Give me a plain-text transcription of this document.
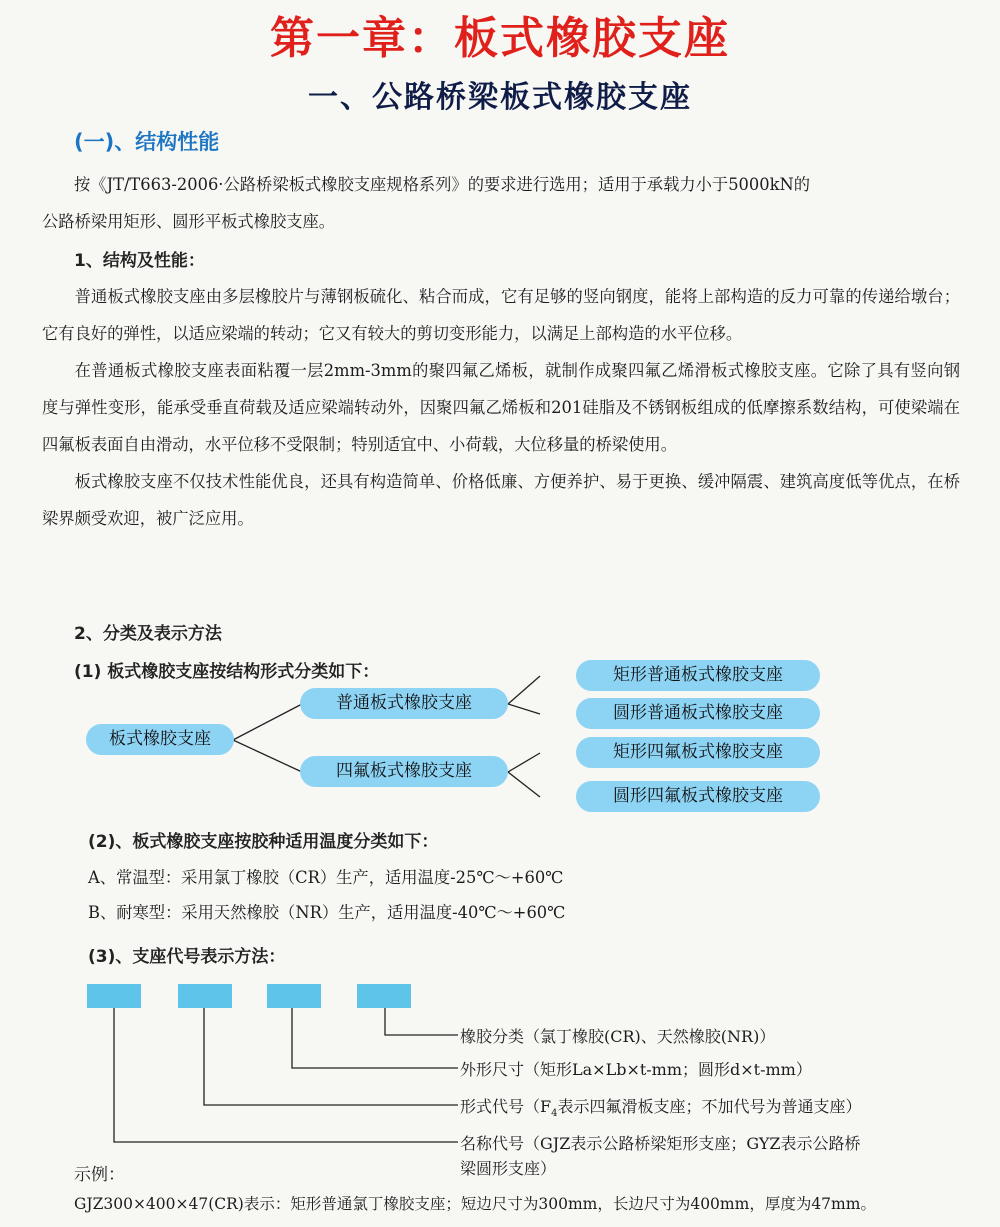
第一章：板式橡胶支座
一、公路桥梁板式橡胶支座
(一)、结构性能
按《JT/T663-2006·公路桥梁板式橡胶支座规格系列》的要求进行选用；适用于承载力小于5000kN的
公路桥梁用矩形、圆形平板式橡胶支座。
1、结构及性能：

普通板式橡胶支座由多层橡胶片与薄钢板硫化、粘合而成，它有足够的竖向钢度，能将上部构造的反力可靠的传递给墩台；它有良好的弹性，以适应梁端的转动；它又有较大的剪切变形能力，以满足上部构造的水平位移。

在普通板式橡胶支座表面粘覆一层2mm-3mm的聚四氟乙烯板，就制作成聚四氟乙烯滑板式橡胶支座。它除了具有竖向钢度与弹性变形，能承受垂直荷载及适应梁端转动外，因聚四氟乙烯板和201硅脂及不锈钢板组成的低摩擦系数结构，可使梁端在四氟板表面自由滑动，水平位移不受限制；特别适宜中、小荷载，大位移量的桥梁使用。

板式橡胶支座不仅技术性能优良，还具有构造简单、价格低廉、方便养护、易于更换、缓冲隔震、建筑高度低等优点，在桥梁界颇受欢迎，被广泛应用。

2、分类及表示方法
(1) 板式橡胶支座按结构形式分类如下：
板式橡胶支座
普通板式橡胶支座
四氟板式橡胶支座
矩形普通板式橡胶支座
圆形普通板式橡胶支座
矩形四氟板式橡胶支座
圆形四氟板式橡胶支座
(2)、板式橡胶支座按胶种适用温度分类如下：
A、常温型：采用氯丁橡胶（CR）生产，适用温度-25℃～+60℃
B、耐寒型：采用天然橡胶（NR）生产，适用温度-40℃～+60℃
(3)、支座代号表示方法：
橡胶分类（氯丁橡胶(CR)、天然橡胶(NR)）
外形尺寸（矩形La×Lb×t-mm；圆形d×t-mm）
形式代号（$F_4$表示四氟滑板支座；不加代号为普通支座）
名称代号（GJZ表示公路桥梁矩形支座；GYZ表示公路桥
梁圆形支座）
示例：
GJZ300×400×47(CR)表示：矩形普通氯丁橡胶支座；短边尺寸为300mm，长边尺寸为400mm，厚度为47mm。
